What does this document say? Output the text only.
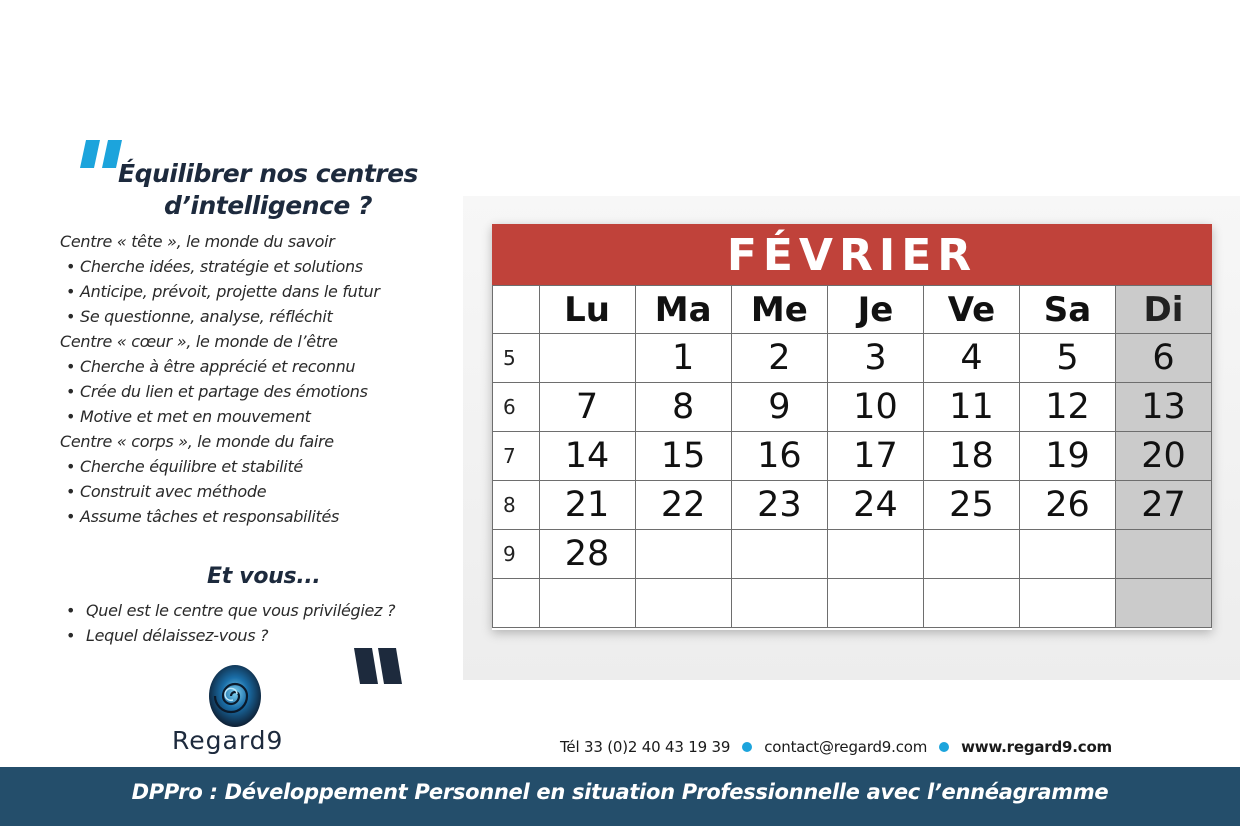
Équilibrer nos centres
d’intelligence ?
Centre « tête », le monde du savoir
• Cherche idées, stratégie et solutions
• Anticipe, prévoit, projette dans le futur
• Se questionne, analyse, réfléchit
Centre « cœur », le monde de l’être
• Cherche à être apprécié et reconnu
• Crée du lien et partage des émotions
• Motive et met en mouvement
Centre « corps », le monde du faire
• Cherche équilibre et stabilité
• Construit avec méthode
• Assume tâches et responsabilités
Et vous...
• Quel est le centre que vous privilégiez ?
• Lequel délaissez-vous ?
Regard9
FÉVRIER
	Lu	Ma	Me	Je	Ve	Sa	Di
5		1	2	3	4	5	6
6	7	8	9	10	11	12	13
7	14	15	16	17	18	19	20
8	21	22	23	24	25	26	27
9	28						

Tél 33 (0)2 40 43 19 39 contact@regard9.com www.regard9.com
DPPro : Développement Personnel en situation Professionnelle avec l’ennéagramme
